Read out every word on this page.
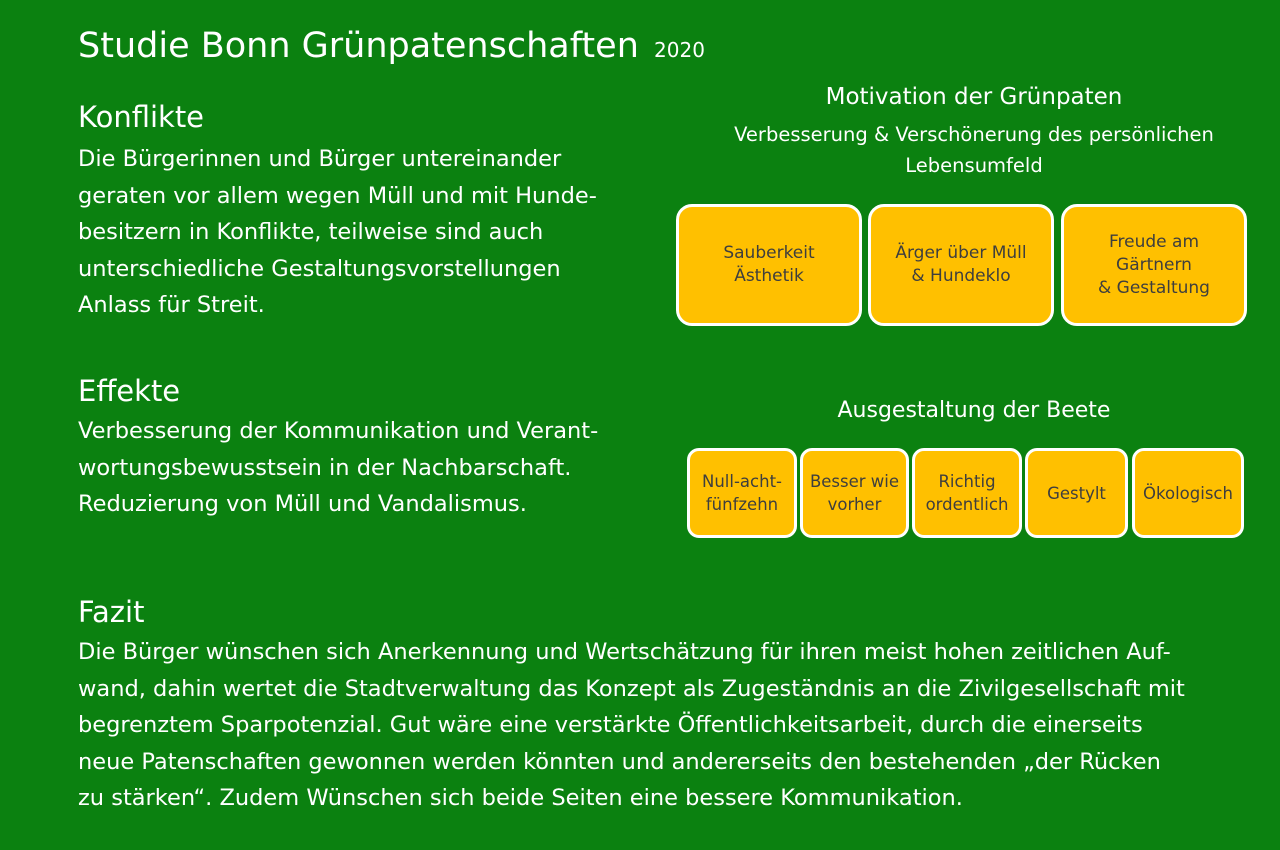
Studie Bonn Grünpatenschaften 2020
Konflikte
Die Bürgerinnen und Bürger untereinander
geraten vor allem wegen Müll und mit Hunde-
besitzern in Konflikte, teilweise sind auch
unterschiedliche Gestaltungsvorstellungen
Anlass für Streit.
Effekte
Verbesserung der Kommunikation und Verant-
wortungsbewusstsein in der Nachbarschaft.
Reduzierung von Müll und Vandalismus.
Fazit
Die Bürger wünschen sich Anerkennung und Wertschätzung für ihren meist hohen zeitlichen Auf-
wand, dahin wertet die Stadtverwaltung das Konzept als Zugeständnis an die Zivilgesellschaft mit
begrenztem Sparpotenzial. Gut wäre eine verstärkte Öffentlichkeitsarbeit, durch die einerseits
neue Patenschaften gewonnen werden könnten und andererseits den bestehenden „der Rücken
zu stärken“. Zudem Wünschen sich beide Seiten eine bessere Kommunikation.
Motivation der Grünpaten
Verbesserung & Verschönerung des persönlichen Lebensumfeld
Sauberkeit
Ästhetik
Ärger über Müll
& Hundeklo
Freude am
Gärtnern
& Gestaltung
Ausgestaltung der Beete
Null-acht-
fünfzehn
Besser wie
vorher
Richtig
ordentlich
Gestylt	Ökologisch
